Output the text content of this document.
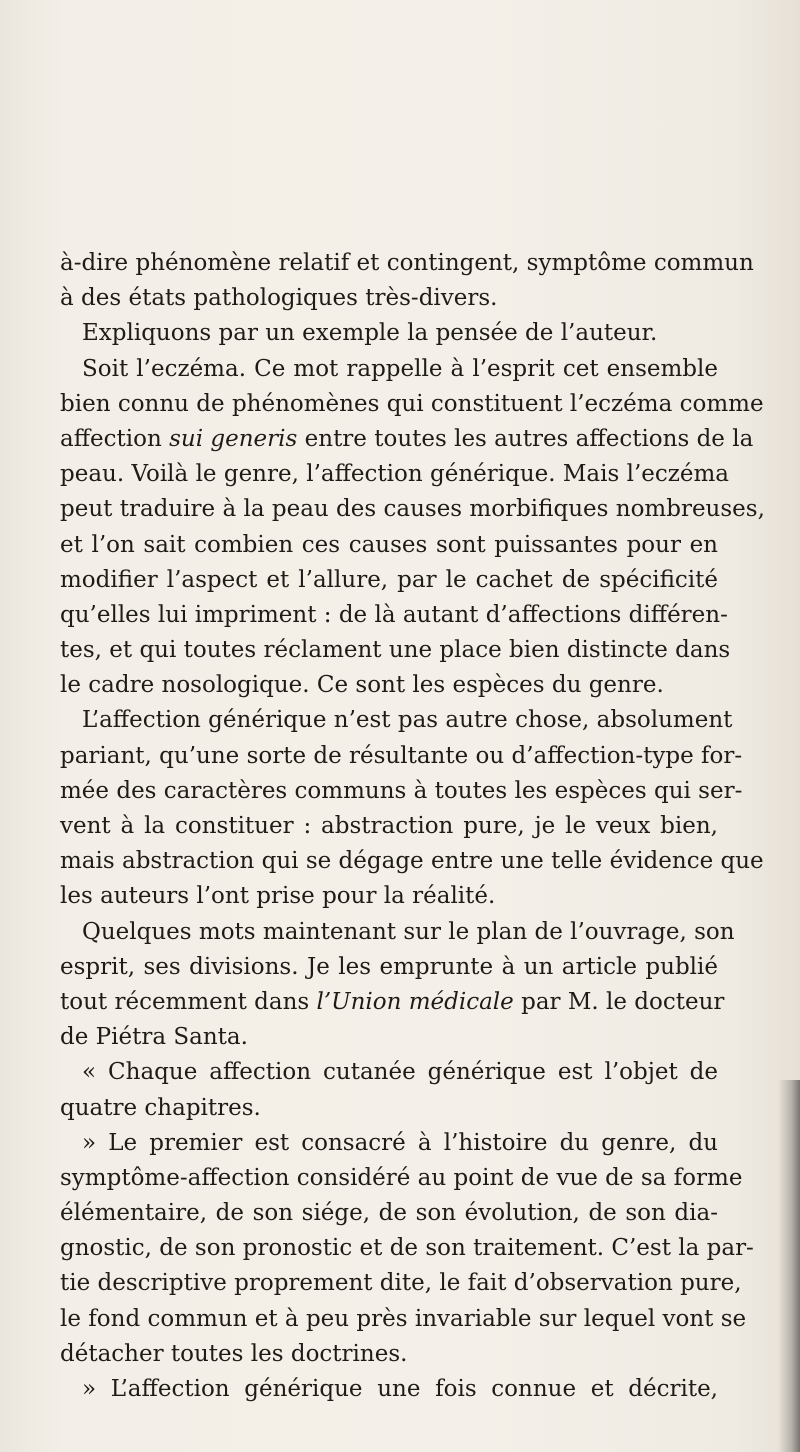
à-dire phénomène relatif et contingent, symptôme commun
à des états pathologiques très-divers.
Expliquons par un exemple la pensée de l’auteur.
Soit l’eczéma. Ce mot rappelle à l’esprit cet ensemble
bien connu de phénomènes qui constituent l’eczéma comme
affection sui generis entre toutes les autres affections de la
peau. Voilà le genre, l’affection générique. Mais l’eczéma
peut traduire à la peau des causes morbifiques nombreuses,
et l’on sait combien ces causes sont puissantes pour en
modifier l’aspect et l’allure, par le cachet de spécificité
qu’elles lui impriment : de là autant d’affections différen-
tes, et qui toutes réclament une place bien distincte dans
le cadre nosologique. Ce sont les espèces du genre.
L’affection générique n’est pas autre chose, absolument
pariant, qu’une sorte de résultante ou d’affection-type for-
mée des caractères communs à toutes les espèces qui ser-
vent à la constituer : abstraction pure, je le veux bien,
mais abstraction qui se dégage entre une telle évidence que
les auteurs l’ont prise pour la réalité.
Quelques mots maintenant sur le plan de l’ouvrage, son
esprit, ses divisions. Je les emprunte à un article publié
tout récemment dans l’Union médicale par M. le docteur
de Piétra Santa.
« Chaque affection cutanée générique est l’objet de
quatre chapitres.
» Le premier est consacré à l’histoire du genre, du
symptôme-affection considéré au point de vue de sa forme
élémentaire, de son siége, de son évolution, de son dia-
gnostic, de son pronostic et de son traitement. C’est la par-
tie descriptive proprement dite, le fait d’observation pure,
le fond commun et à peu près invariable sur lequel vont se
détacher toutes les doctrines.
» L’affection générique une fois connue et décrite,
